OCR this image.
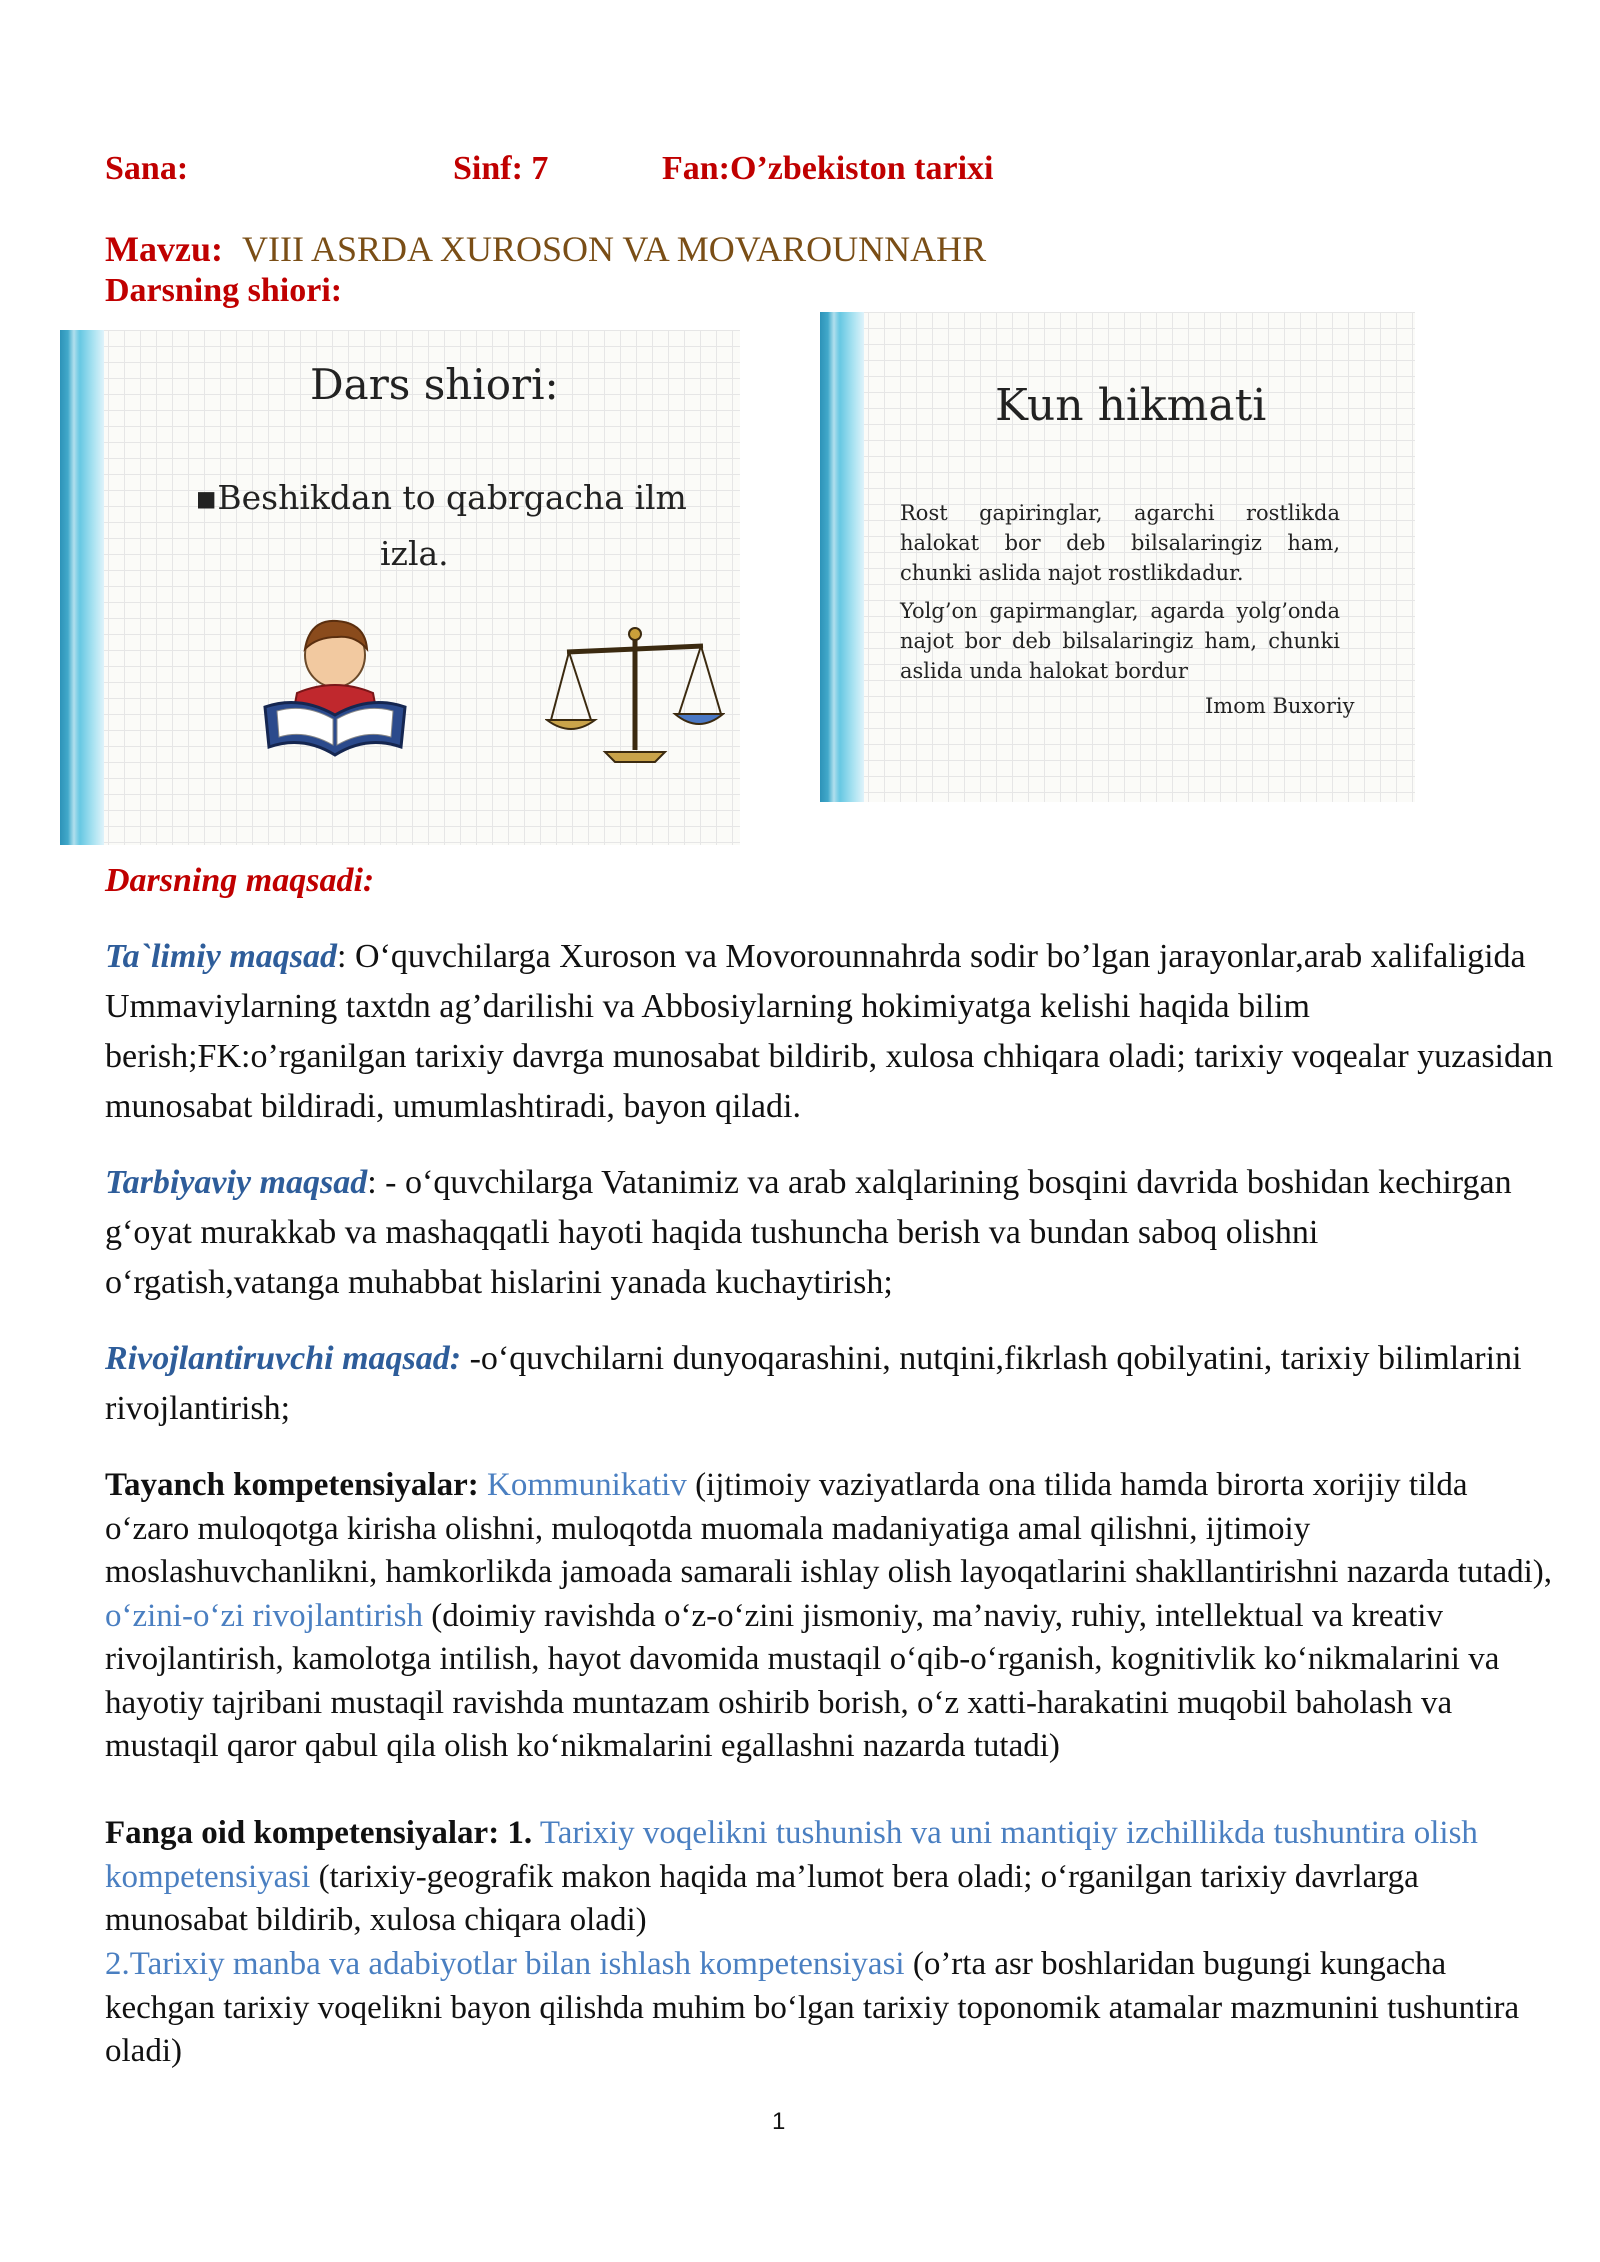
Sana:	Sinf: 7	Fan:O’zbekiston tarixi
Mavzu: VIII ASRDA XUROSON VA MOVAROUNNAHR
Darsning shiori:
Dars shiori:
▪Beshikdan to qabrgacha ilm
izla.
Kun hikmati
Rost gapiringlar, agarchi rostlikda halokat bor deb bilsalaringiz ham, chunki aslida najot rostlikdadur.
Yolg’on gapirmanglar, agarda yolg’onda najot bor deb bilsalaringiz ham, chunki aslida unda halokat bordur
Imom Buxoriy
Darsning maqsadi:
Ta`limiy maqsad: O‘quvchilarga Xuroson va Movorounnahrda sodir bo’lgan jarayonlar,arab xalifaligida Ummaviylarning taxtdn ag’darilishi va Abbosiylarning hokimiyatga kelishi haqida bilim berish;FK:o’rganilgan tarixiy davrga munosabat bildirib, xulosa chhiqara oladi; tarixiy voqealar yuzasidan munosabat bildiradi, umumlashtiradi, bayon qiladi.
Tarbiyaviy maqsad: - o‘quvchilarga Vatanimiz va arab xalqlarining bosqini davrida boshidan kechirgan g‘oyat murakkab va mashaqqatli hayoti haqida tushuncha berish va bundan saboq olishni o‘rgatish,vatanga muhabbat hislarini yanada kuchaytirish;
Rivojlantiruvchi maqsad: -o‘quvchilarni dunyoqarashini, nutqini,fikrlash qobilyatini, tarixiy bilimlarini rivojlantirish;
Tayanch kompetensiyalar: Kommunikativ (ijtimoiy vaziyatlarda ona tilida hamda birorta xorijiy tilda o‘zaro muloqotga kirisha olishni, muloqotda muomala madaniyatiga amal qilishni, ijtimoiy moslashuvchanlikni, hamkorlikda jamoada samarali ishlay olish layoqatlarini shakllantirishni nazarda tutadi), o‘zini-o‘zi rivojlantirish (doimiy ravishda o‘z-o‘zini jismoniy, ma’naviy, ruhiy, intellektual va kreativ rivojlantirish, kamolotga intilish, hayot davomida mustaqil o‘qib-o‘rganish, kognitivlik ko‘nikmalarini va hayotiy tajribani mustaqil ravishda muntazam oshirib borish, o‘z xatti-harakatini muqobil baholash va mustaqil qaror qabul qila olish ko‘nikmalarini egallashni nazarda tutadi)
Fanga oid kompetensiyalar: 1. Tarixiy voqelikni tushunish va uni mantiqiy izchillikda tushuntira olish kompetensiyasi (tarixiy-geografik makon haqida ma’lumot bera oladi; o‘rganilgan tarixiy davrlarga munosabat bildirib, xulosa chiqara oladi)
2.Tarixiy manba va adabiyotlar bilan ishlash kompetensiyasi (o’rta asr boshlaridan bugungi kungacha kechgan tarixiy voqelikni bayon qilishda muhim bo‘lgan tarixiy toponomik atamalar mazmunini tushuntira oladi)
1
